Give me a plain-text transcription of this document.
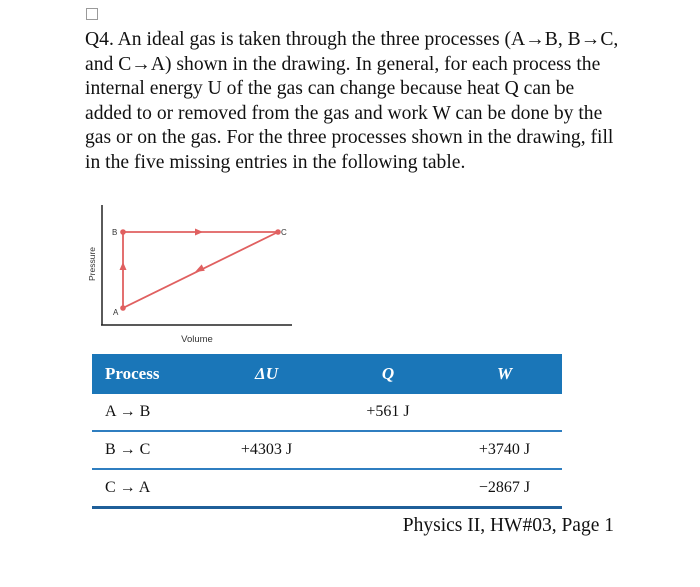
Q4. An ideal gas is taken through the three processes (A→B, B→C, and C→A) shown in the drawing. In general, for each process the internal energy U of the gas can change because heat Q can be added to or removed from the gas and work W can be done by the gas or on the gas. For the three processes shown in the drawing, fill in the five missing entries in the following table.

A
B	C
Pressure
Volume
Process	ΔU	Q	W
A → B		+561 J	
B → C	+4303 J		+3740 J
C → A			−2867 J
Physics II, HW#03, Page 1
